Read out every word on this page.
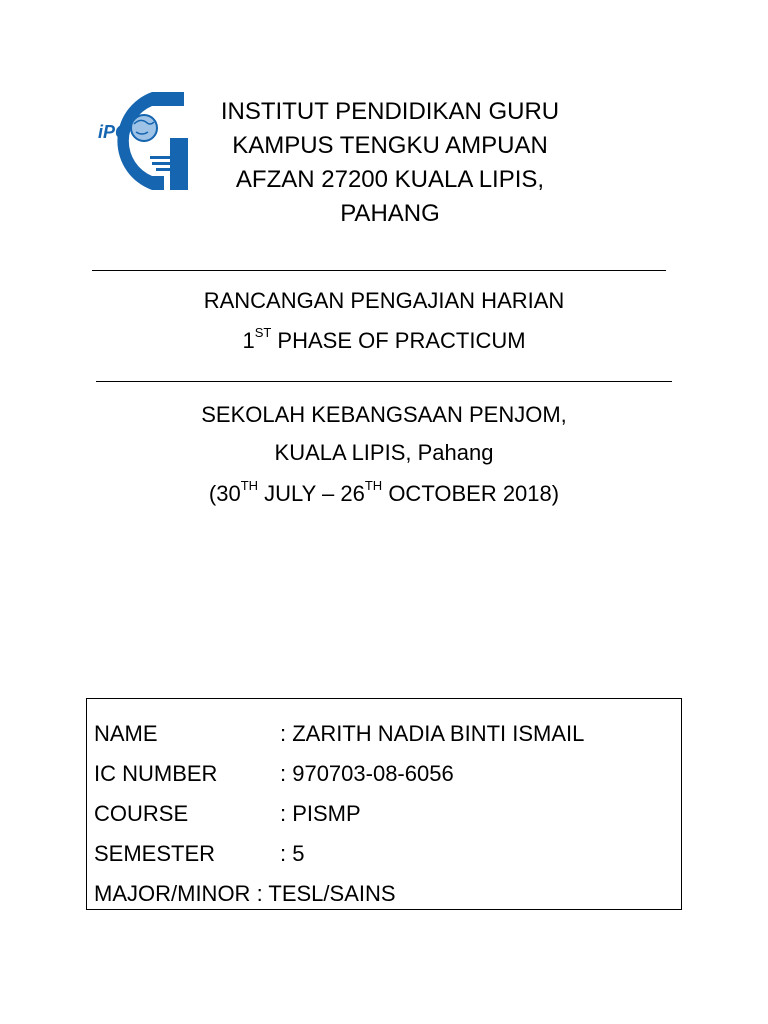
iPG
INSTITUT PENDIDIKAN GURU
KAMPUS TENGKU AMPUAN
AFZAN 27200 KUALA LIPIS,
PAHANG
RANCANGAN PENGAJIAN HARIAN
1ST PHASE OF PRACTICUM
SEKOLAH KEBANGSAAN PENJOM,
KUALA LIPIS, Pahang
(30TH JULY – 26TH OCTOBER 2018)
NAME	: ZARITH NADIA BINTI ISMAIL
IC NUMBER	: 970703-08-6056
COURSE	: PISMP
SEMESTER	: 5
MAJOR/MINOR : TESL/SAINS
